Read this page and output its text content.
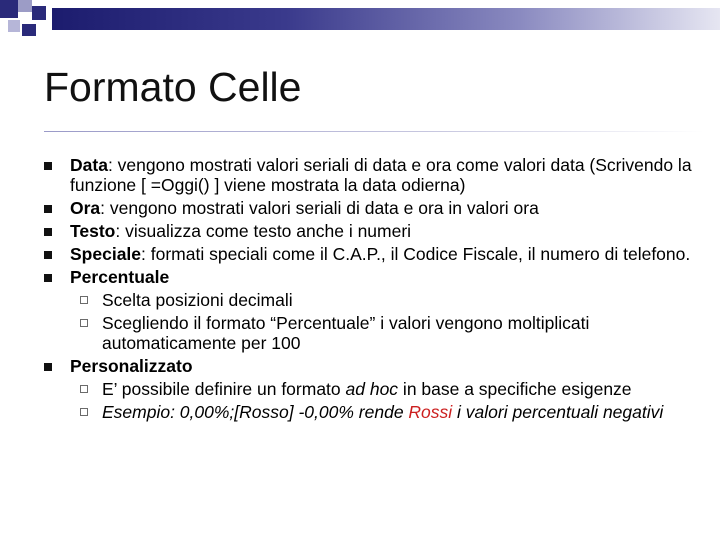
Formato Celle
Data: vengono mostrati valori seriali di data e ora come valori data (Scrivendo la funzione [ =Oggi() ] viene mostrata la data odierna)
Ora: vengono mostrati valori seriali di data e ora in valori ora
Testo: visualizza come testo anche i numeri
Speciale: formati speciali come il C.A.P., il Codice Fiscale, il numero di telefono.
Percentuale
Scelta posizioni decimali
Scegliendo il formato “Percentuale” i valori vengono moltiplicati automaticamente per 100
Personalizzato
E’ possibile definire un formato ad hoc in base a specifiche esigenze
Esempio: 0,00%;[Rosso] -0,00% rende Rossi i valori percentuali negativi
